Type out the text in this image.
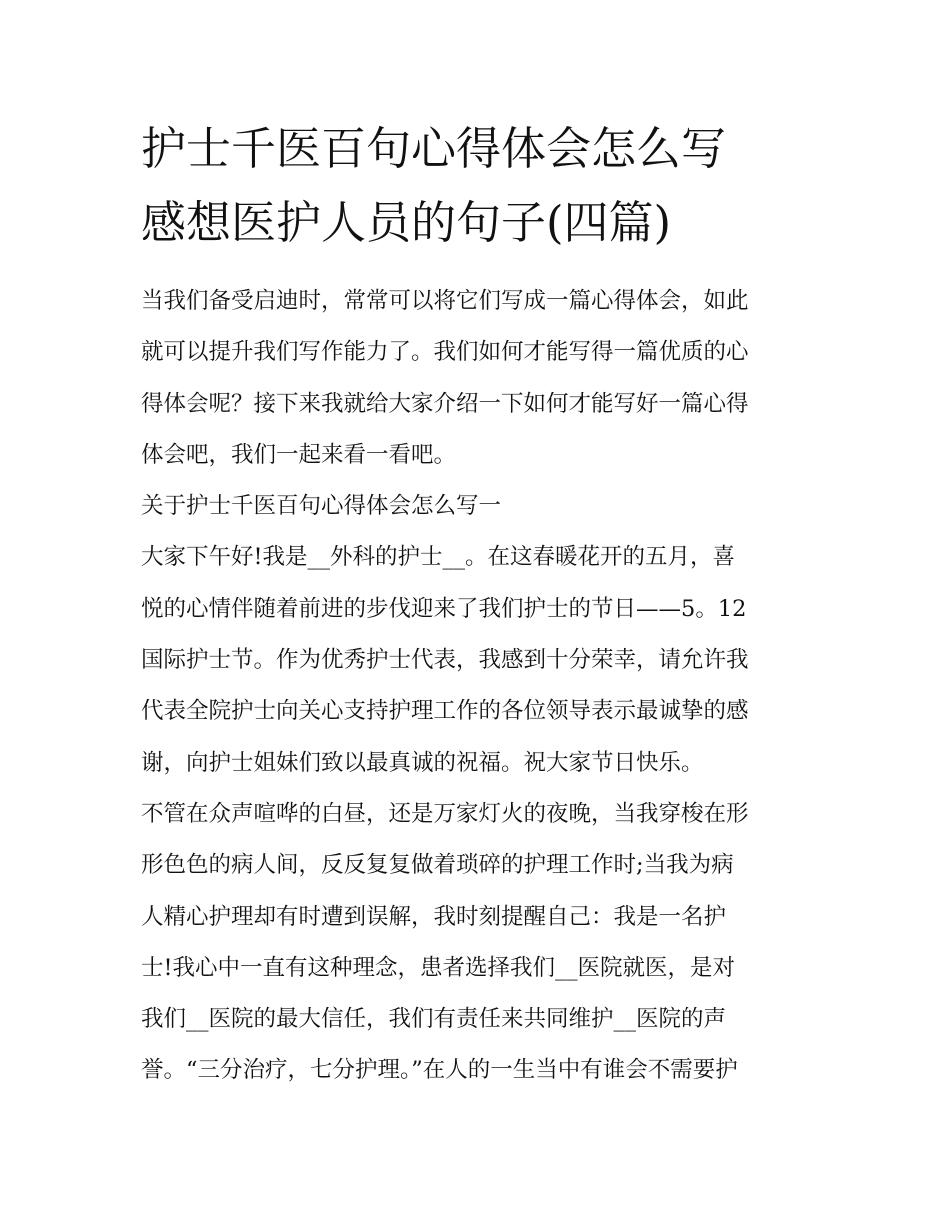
护士千医百句心得体会怎么写
感想医护人员的句子(四篇)
当我们备受启迪时，常常可以将它们写成一篇心得体会，如此
就可以提升我们写作能力了。我们如何才能写得一篇优质的心
得体会呢？接下来我就给大家介绍一下如何才能写好一篇心得
体会吧，我们一起来看一看吧。
关于护士千医百句心得体会怎么写一
大家下午好!我是__外科的护士__。在这春暖花开的五月，喜
悦的心情伴随着前进的步伐迎来了我们护士的节日——5。12
国际护士节。作为优秀护士代表，我感到十分荣幸，请允许我
代表全院护士向关心支持护理工作的各位领导表示最诚挚的感
谢，向护士姐妹们致以最真诚的祝福。祝大家节日快乐。
不管在众声喧哗的白昼，还是万家灯火的夜晚，当我穿梭在形
形色色的病人间，反反复复做着琐碎的护理工作时;当我为病
人精心护理却有时遭到误解，我时刻提醒自己：我是一名护
士!我心中一直有这种理念，患者选择我们__医院就医，是对
我们__医院的最大信任，我们有责任来共同维护__医院的声
誉。“三分治疗，七分护理。”在人的一生当中有谁会不需要护
